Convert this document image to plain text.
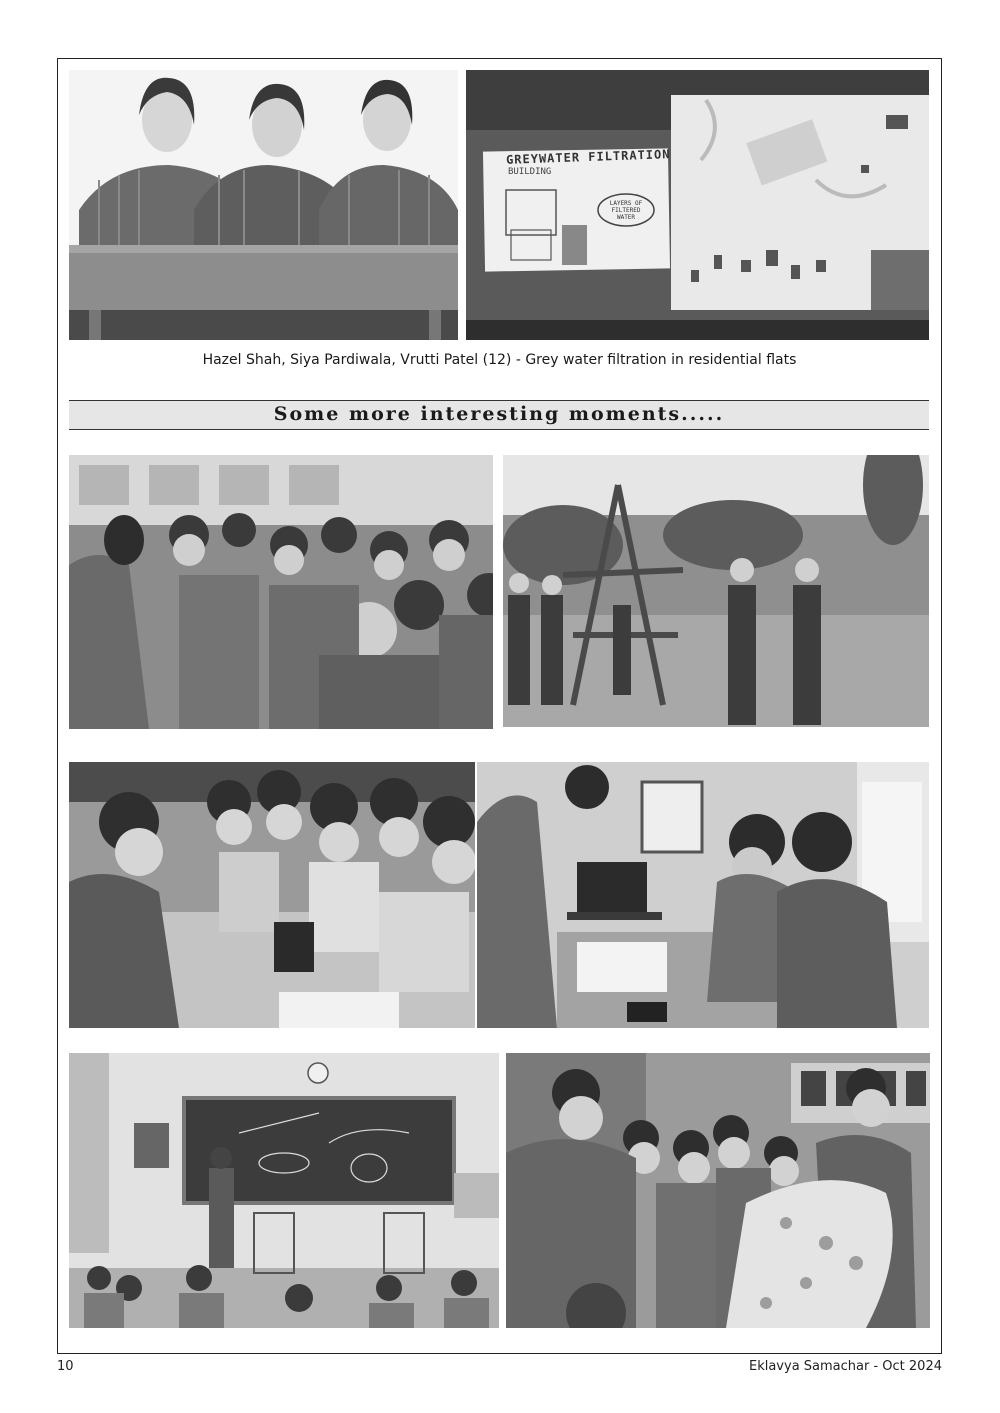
GREYWATER FILTRATION
BUILDING
LAYERS OF FILTERED WATER
Hazel Shah, Siya Pardiwala, Vrutti Patel (12) - Grey water filtration in residential flats
Some more interesting moments.....
10	Eklavya Samachar - Oct 2024
